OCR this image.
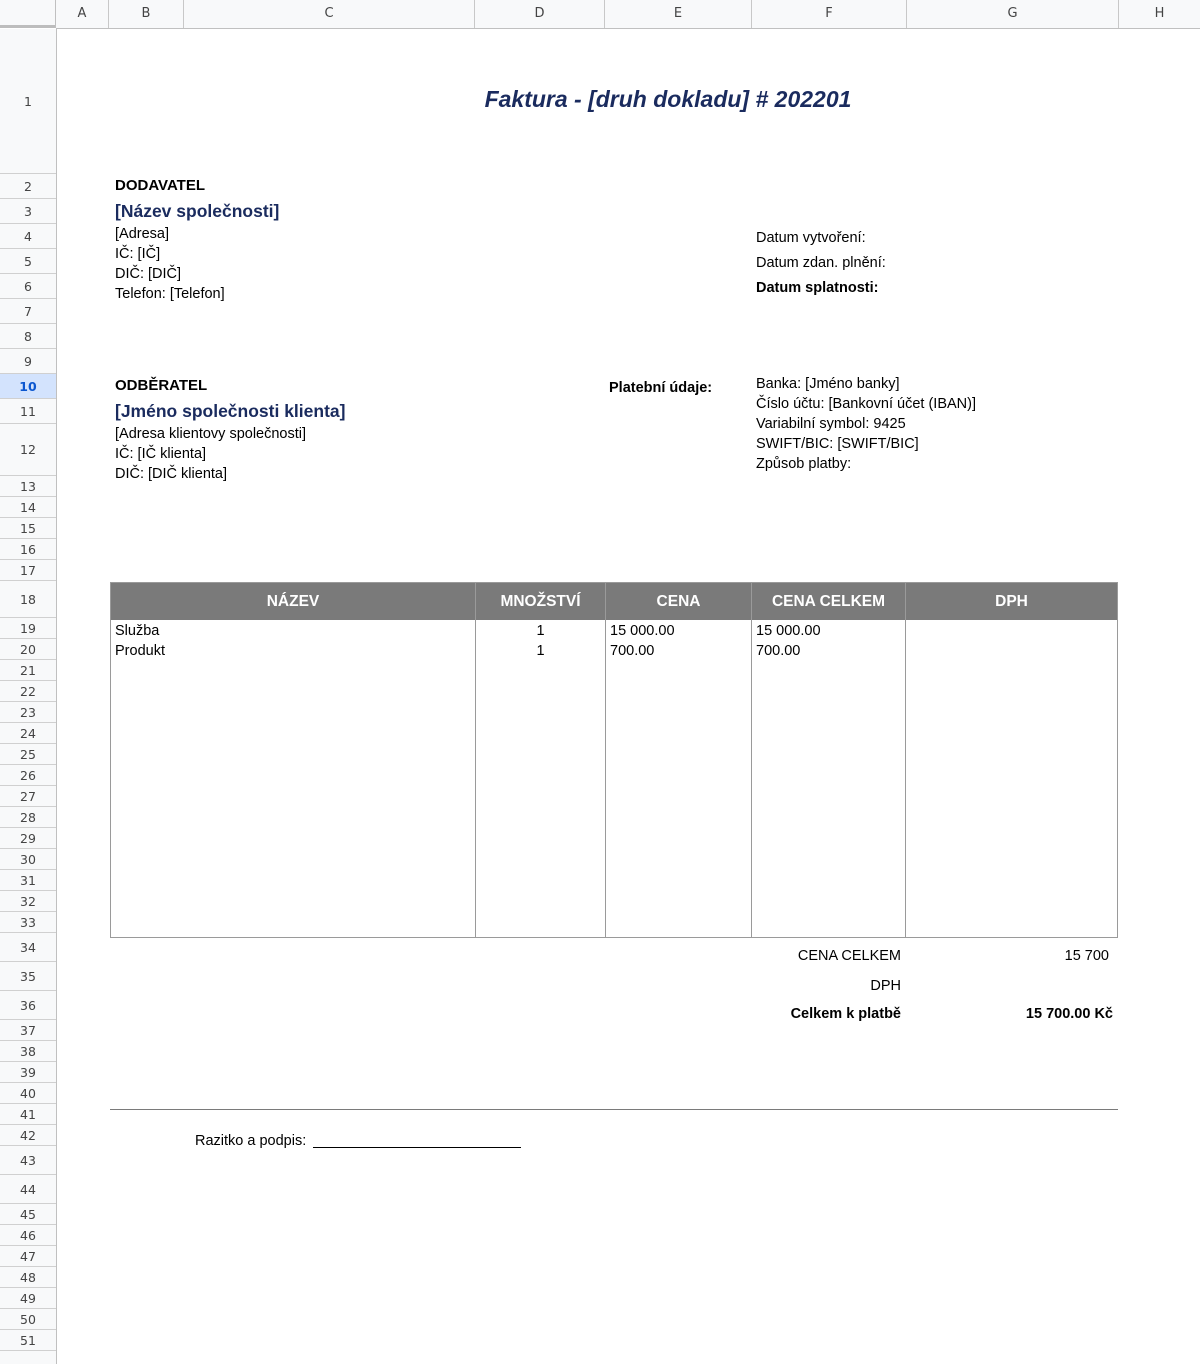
A	B	C	D	E	F	G	H
1
2
3
4
5
6
7
8
9
10
11
12
13
14
15
16
17
18
19
20
21
22
23
24
25
26
27
28
29
30
31
32
33
34
35
36
37
38
39
40
41
42
43
44
45
46
47
48
49
50
51
Faktura - [druh dokladu] # 202201
DODAVATEL
[Název společnosti]
[Adresa]
IČ: [IČ]
DIČ: [DIČ]
Telefon: [Telefon]
Datum vytvoření:
Datum zdan. plnění:
Datum splatnosti:
ODBĚRATEL
[Jméno společnosti klienta]
[Adresa klientovy společnosti]
IČ: [IČ klienta]
DIČ: [DIČ klienta]
Platební údaje:	Banka: [Jméno banky]
Číslo účtu: [Bankovní účet (IBAN)]
Variabilní symbol: 9425
SWIFT/BIC: [SWIFT/BIC]
Způsob platby:
NÁZEV	MNOŽSTVÍ	CENA	CENA CELKEM	DPH
Služba	1	15 000.00	15 000.00
Produkt	1	700.00	700.00
CENA CELKEM	15 700
DPH
Celkem k platbě	15 700.00 Kč
Razitko a podpis:
